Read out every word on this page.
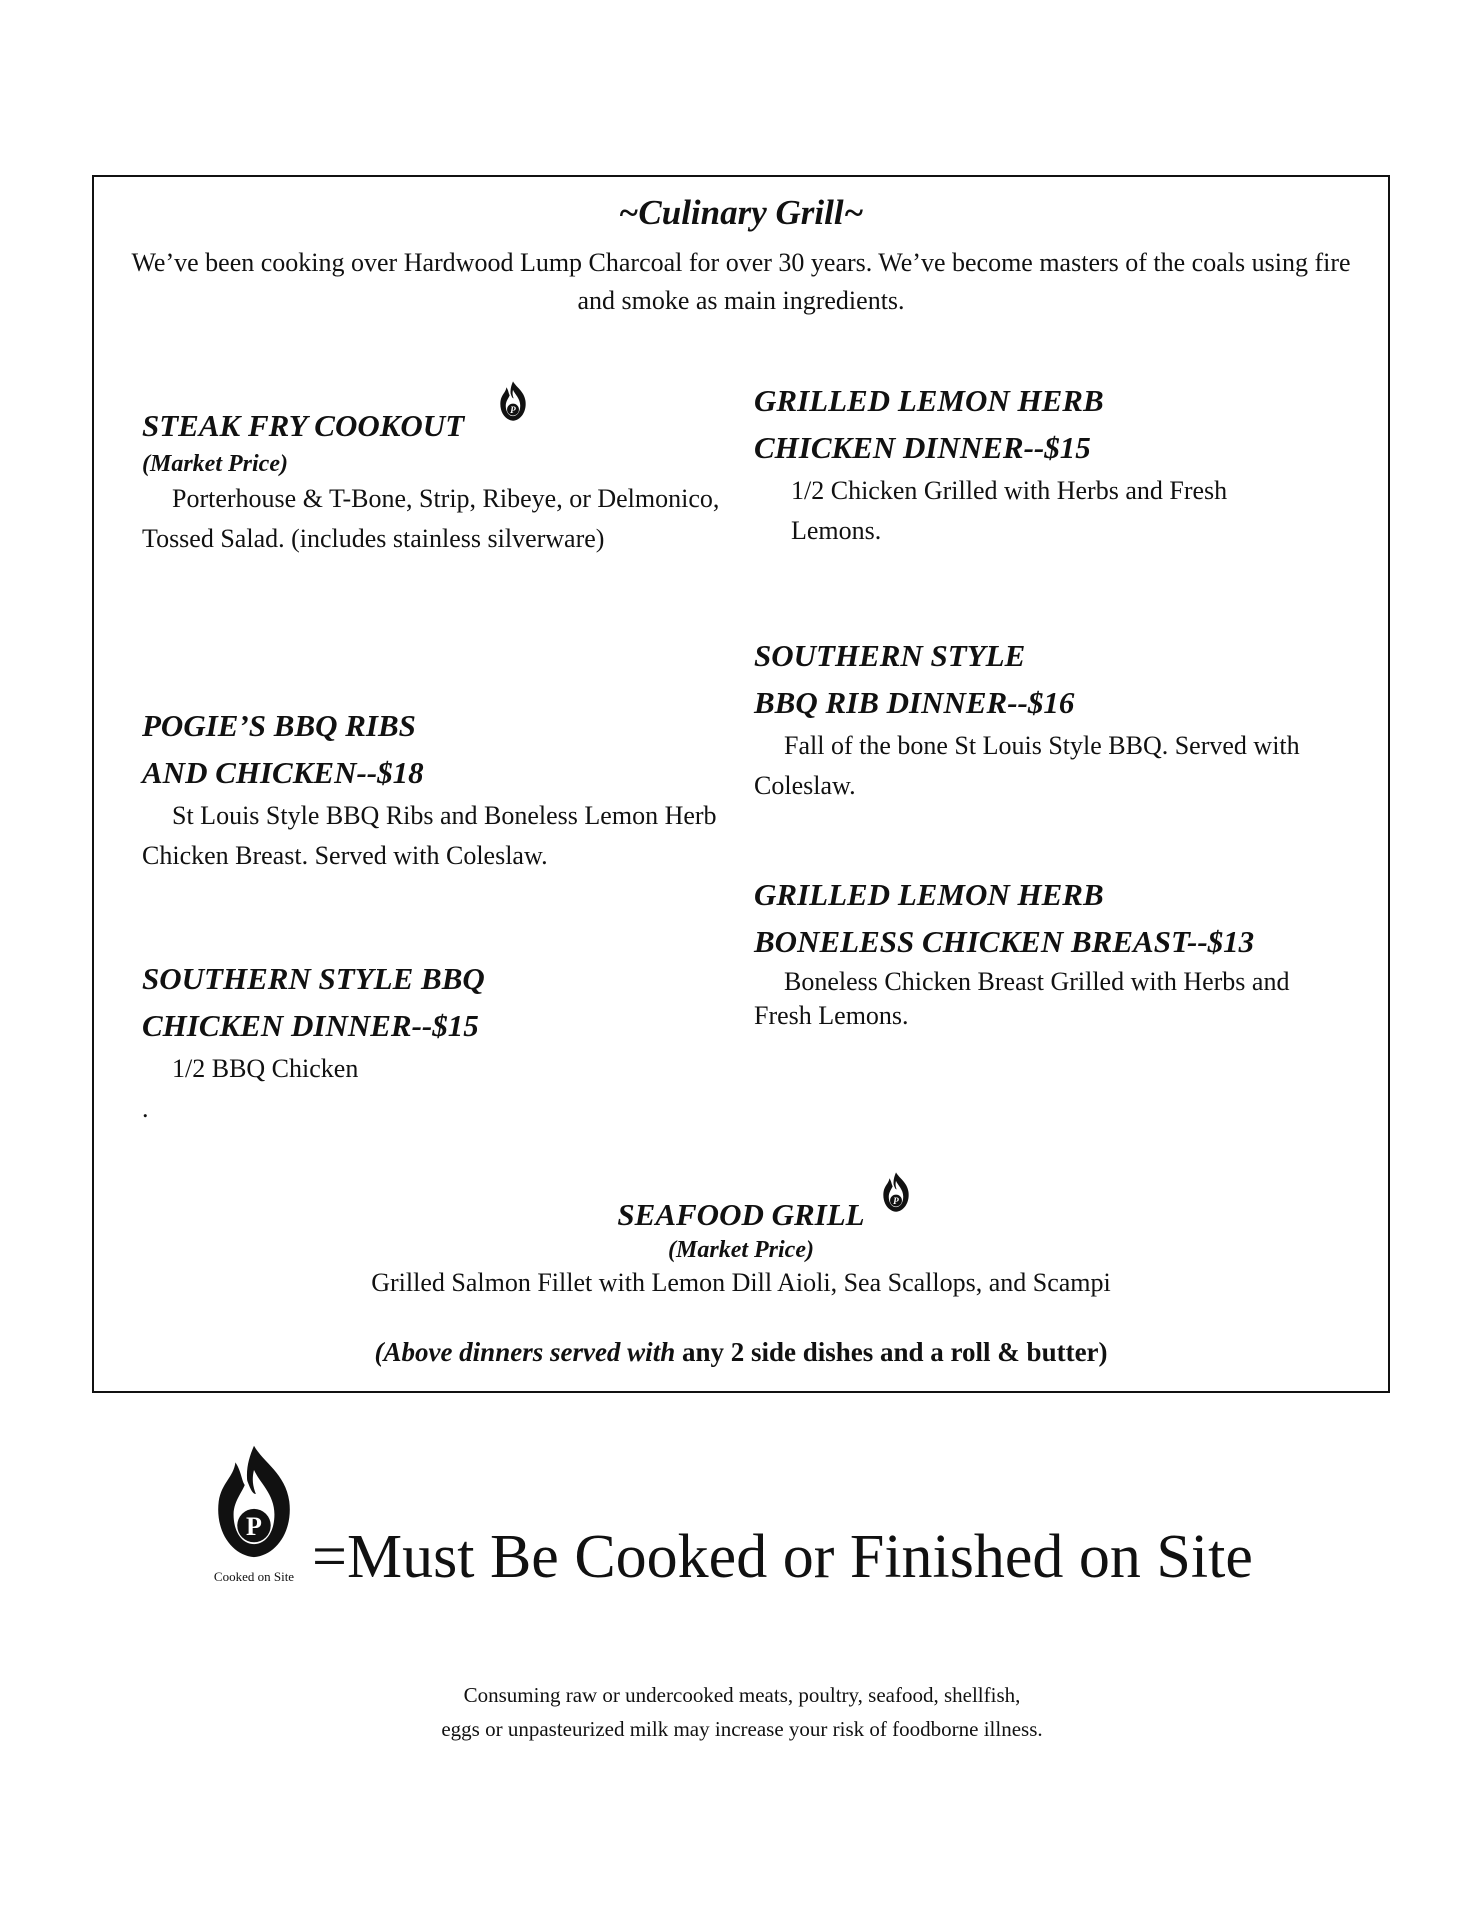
~Culinary Grill~
We’ve been cooking over Hardwood Lump Charcoal for over 30 years. We’ve become masters of the coals using fire and smoke as main ingredients.
STEAK FRY COOKOUT
(Market Price)
Porterhouse & T-Bone, Strip, Ribeye, or Delmonico, Tossed Salad. (includes stainless silverware)
POGIE’S BBQ RIBS
AND CHICKEN--$18
St Louis Style BBQ Ribs and Boneless Lemon Herb Chicken Breast. Served with Coleslaw.
SOUTHERN STYLE BBQ
CHICKEN DINNER--$15
1/2 BBQ Chicken
.
GRILLED LEMON HERB
CHICKEN DINNER--$15
1/2 Chicken Grilled with Herbs and Fresh Lemons.
SOUTHERN STYLE
BBQ RIB DINNER--$16
Fall of the bone St Louis Style BBQ. Served with Coleslaw.
GRILLED LEMON HERB
BONELESS CHICKEN BREAST--$13
Boneless Chicken Breast Grilled with Herbs and Fresh Lemons.
SEAFOOD GRILL
(Market Price)
Grilled Salmon Fillet with Lemon Dill Aioli, Sea Scallops, and Scampi
(Above dinners served with any 2 side dishes and a roll & butter)
Cooked on Site =Must Be Cooked or Finished on Site
Consuming raw or undercooked meats, poultry, seafood, shellfish,
eggs or unpasteurized milk may increase your risk of foodborne illness.
